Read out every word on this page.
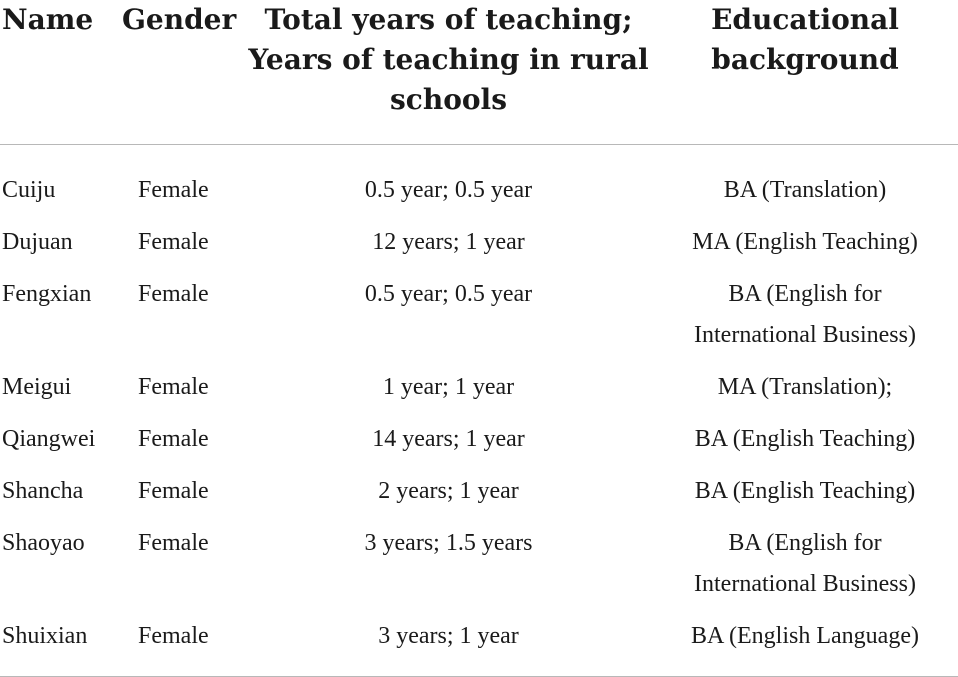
Name	Gender	Total years of teaching;
Years of teaching in rural
schools	Educational
background

Cuiju	Female	0.5 year; 0.5 year	BA (Translation)

Dujuan	Female	12 years; 1 year	MA (English Teaching)

Fengxian	Female	0.5 year; 0.5 year	BA (English for
International Business)

Meigui	Female	1 year; 1 year	MA (Translation);

Qiangwei	Female	14 years; 1 year	BA (English Teaching)

Shancha	Female	2 years; 1 year	BA (English Teaching)

Shaoyao	Female	3 years; 1.5 years	BA (English for
International Business)

Shuixian	Female	3 years; 1 year	BA (English Language)
